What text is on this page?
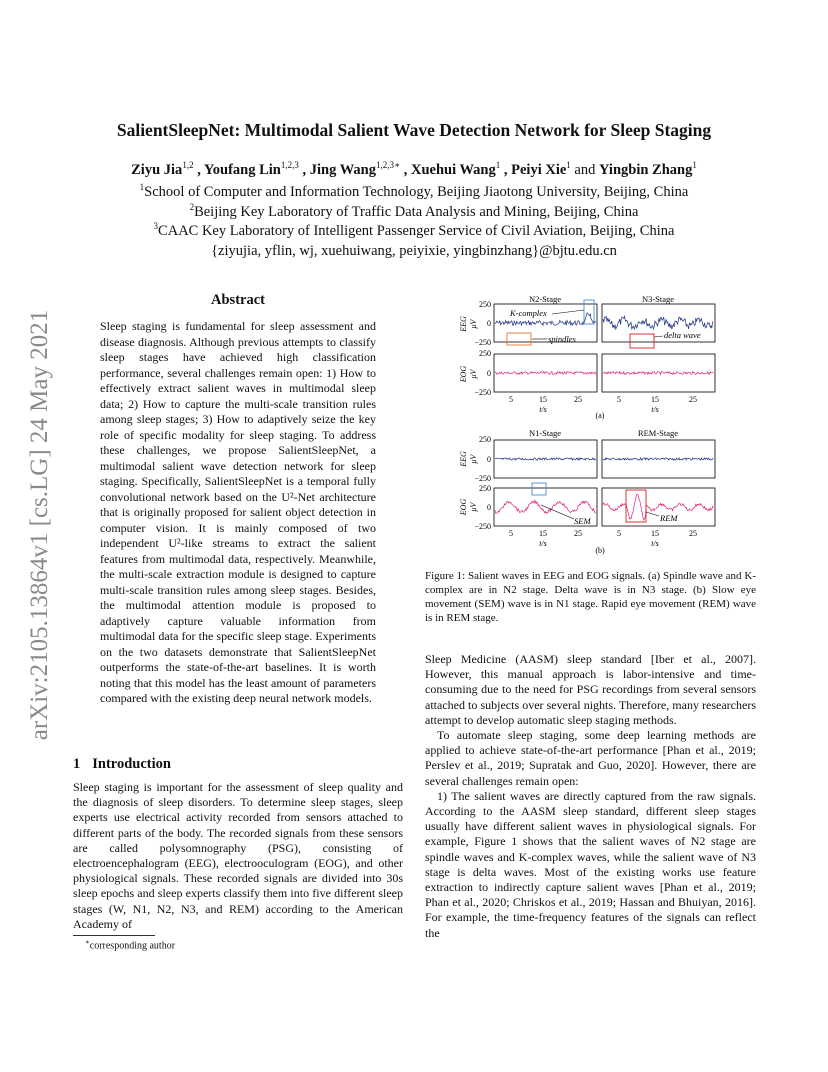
arXiv:2105.13864v1 [cs.LG] 24 May 2021
SalientSleepNet: Multimodal Salient Wave Detection Network for Sleep Staging
Ziyu Jia$^{1,2}$ , Youfang Lin$^{1,2,3}$ , Jing Wang$^{1,2,3∗}$ , Xuehui Wang$^1$ , Peiyi Xie$^1$ and Yingbin Zhang$^1$
$^1$School of Computer and Information Technology, Beijing Jiaotong University, Beijing, China
$^2$Beijing Key Laboratory of Traffic Data Analysis and Mining, Beijing, China
$^3$CAAC Key Laboratory of Intelligent Passenger Service of Civil Aviation, Beijing, China
{ziyujia, yflin, wj, xuehuiwang, peiyixie, yingbinzhang}@bjtu.edu.cn
Abstract
Sleep staging is fundamental for sleep assessment and disease diagnosis. Although previous attempts to classify sleep stages have achieved high classification performance, several challenges remain open: 1) How to effectively extract salient waves in multimodal sleep data; 2) How to capture the multi-scale transition rules among sleep stages; 3) How to adaptively seize the key role of specific modality for sleep staging. To address these challenges, we propose SalientSleepNet, a multimodal salient wave detection network for sleep staging. Specifically, SalientSleepNet is a temporal fully convolutional network based on the U²-Net architecture that is originally proposed for salient object detection in computer vision. It is mainly composed of two independent U²-like streams to extract the salient features from multimodal data, respectively. Meanwhile, the multi-scale extraction module is designed to capture multi-scale transition rules among sleep stages. Besides, the multimodal attention module is proposed to adaptively capture valuable information from multimodal data for the specific sleep stage. Experiments on the two datasets demonstrate that SalientSleepNet outperforms the state-of-the-art baselines. It is worth noting that this model has the least amount of parameters compared with the existing deep neural network models.
1 Introduction
Sleep staging is important for the assessment of sleep quality and the diagnosis of sleep disorders. To determine sleep stages, sleep experts use electrical activity recorded from sensors attached to different parts of the body. The recorded signals from these sensors are called polysomnography (PSG), consisting of electroencephalogram (EEG), electrooculogram (EOG), and other physiological signals. These recorded signals are divided into 30s sleep epochs and sleep experts classify them into five different sleep stages (W, N1, N2, N3, and REM) according to the American Academy of
∗corresponding author
N2-Stage	N3-Stage
N1-Stage	REM-Stage
K-complex
spindles	delta wave
SEM	REM
EEG μV
EOG μV
EEG μV
EOG μV
250
0
−250
250
0
−250
250
0
−250
250
0
−250
5	15	25	5	15	25
t/s	t/s
(a)
5	15	25	5	15	25
t/s	t/s
(b)
Figure 1: Salient waves in EEG and EOG signals. (a) Spindle wave and K-complex are in N2 stage. Delta wave is in N3 stage. (b) Slow eye movement (SEM) wave is in N1 stage. Rapid eye movement (REM) wave is in REM stage.

Sleep Medicine (AASM) sleep standard [Iber et al., 2007]. However, this manual approach is labor-intensive and time-consuming due to the need for PSG recordings from several sensors attached to subjects over several nights. Therefore, many researchers attempt to develop automatic sleep staging methods.

To automate sleep staging, some deep learning methods are applied to achieve state-of-the-art performance [Phan et al., 2019; Perslev et al., 2019; Supratak and Guo, 2020]. However, there are several challenges remain open:

1) The salient waves are directly captured from the raw signals. According to the AASM sleep standard, different sleep stages usually have different salient waves in physiological signals. For example, Figure 1 shows that the salient waves of N2 stage are spindle waves and K-complex waves, while the salient wave of N3 stage is delta waves. Most of the existing works use feature extraction to indirectly capture salient waves [Phan et al., 2019; Phan et al., 2020; Chriskos et al., 2019; Hassan and Bhuiyan, 2016]. For example, the time-frequency features of the signals can reflect the
